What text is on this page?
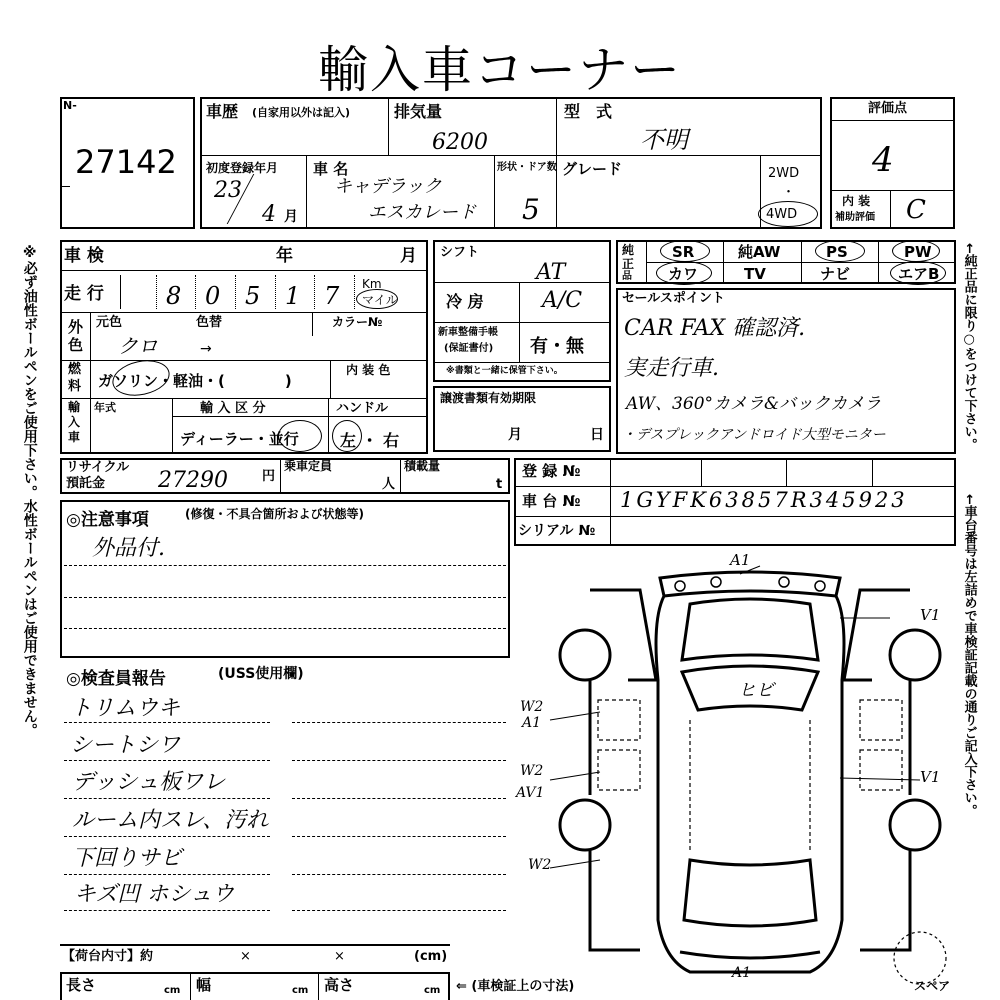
輸入車コーナー
※必ず油性ボールペンをご使用下さい。水性ボールペンはご使用できません。	←純正品に限り○をつけて下さい。
←車台番号は左詰めで車検証記載の通りご記入下さい。
N-
27142
車歴 (自家用以外は記入)	排気量
6200
型　式
不明
初度登録年月
23
4 月
車 名
キャデラック
エスカレード
形状・ドア数
5
グレード	2WD
・
4WD
評価点
4
内 装
補助評価 C
車 検	年	月
走 行	8 0 5 1 7 Km
マイル
外
色
元色	色替	カラー№
クロ	→
燃
料 ガソリン・軽油・(　　　　)
内 装 色
輸
入
車
年式	輸 入 区 分	ハンドル
ディーラー・並行	左 ・ 右
シフト
AT
冷 房	A/C
新車整備手帳
(保証書付) 有・無
※書類と一緒に保管下さい。
譲渡書類有効期限
月	日
純
正
品
SR	純AW	PS	PW
カワ	TV	ナビ	エアB
セールスポイント
CAR FAX 確認済.
実走行車.
AW、360°カメラ&バックカメラ
・デスプレックアンドロイド大型モニター
リサイクル
預託金 27290	円
乗車定員
人
積載量
t
登 録 №
車 台 № 1GYFK63857R345923
シリアル №
◎注意事項	(修復・不具合箇所および状態等)
外品付.
◎検査員報告	(USS使用欄)
トリムウキ
シートシワ
デッシュ板ワレ
ルーム内スレ、汚れ
下回りサビ
キズ凹 ホシュウ
A1
V1
ヒビ
W2
A1
W2
AV1
V1
W2
A1
スペア
【荷台内寸】約	×	×	(cm)
長さ	cm 幅	cm 高さ	cm ⇐ (車検証上の寸法)
